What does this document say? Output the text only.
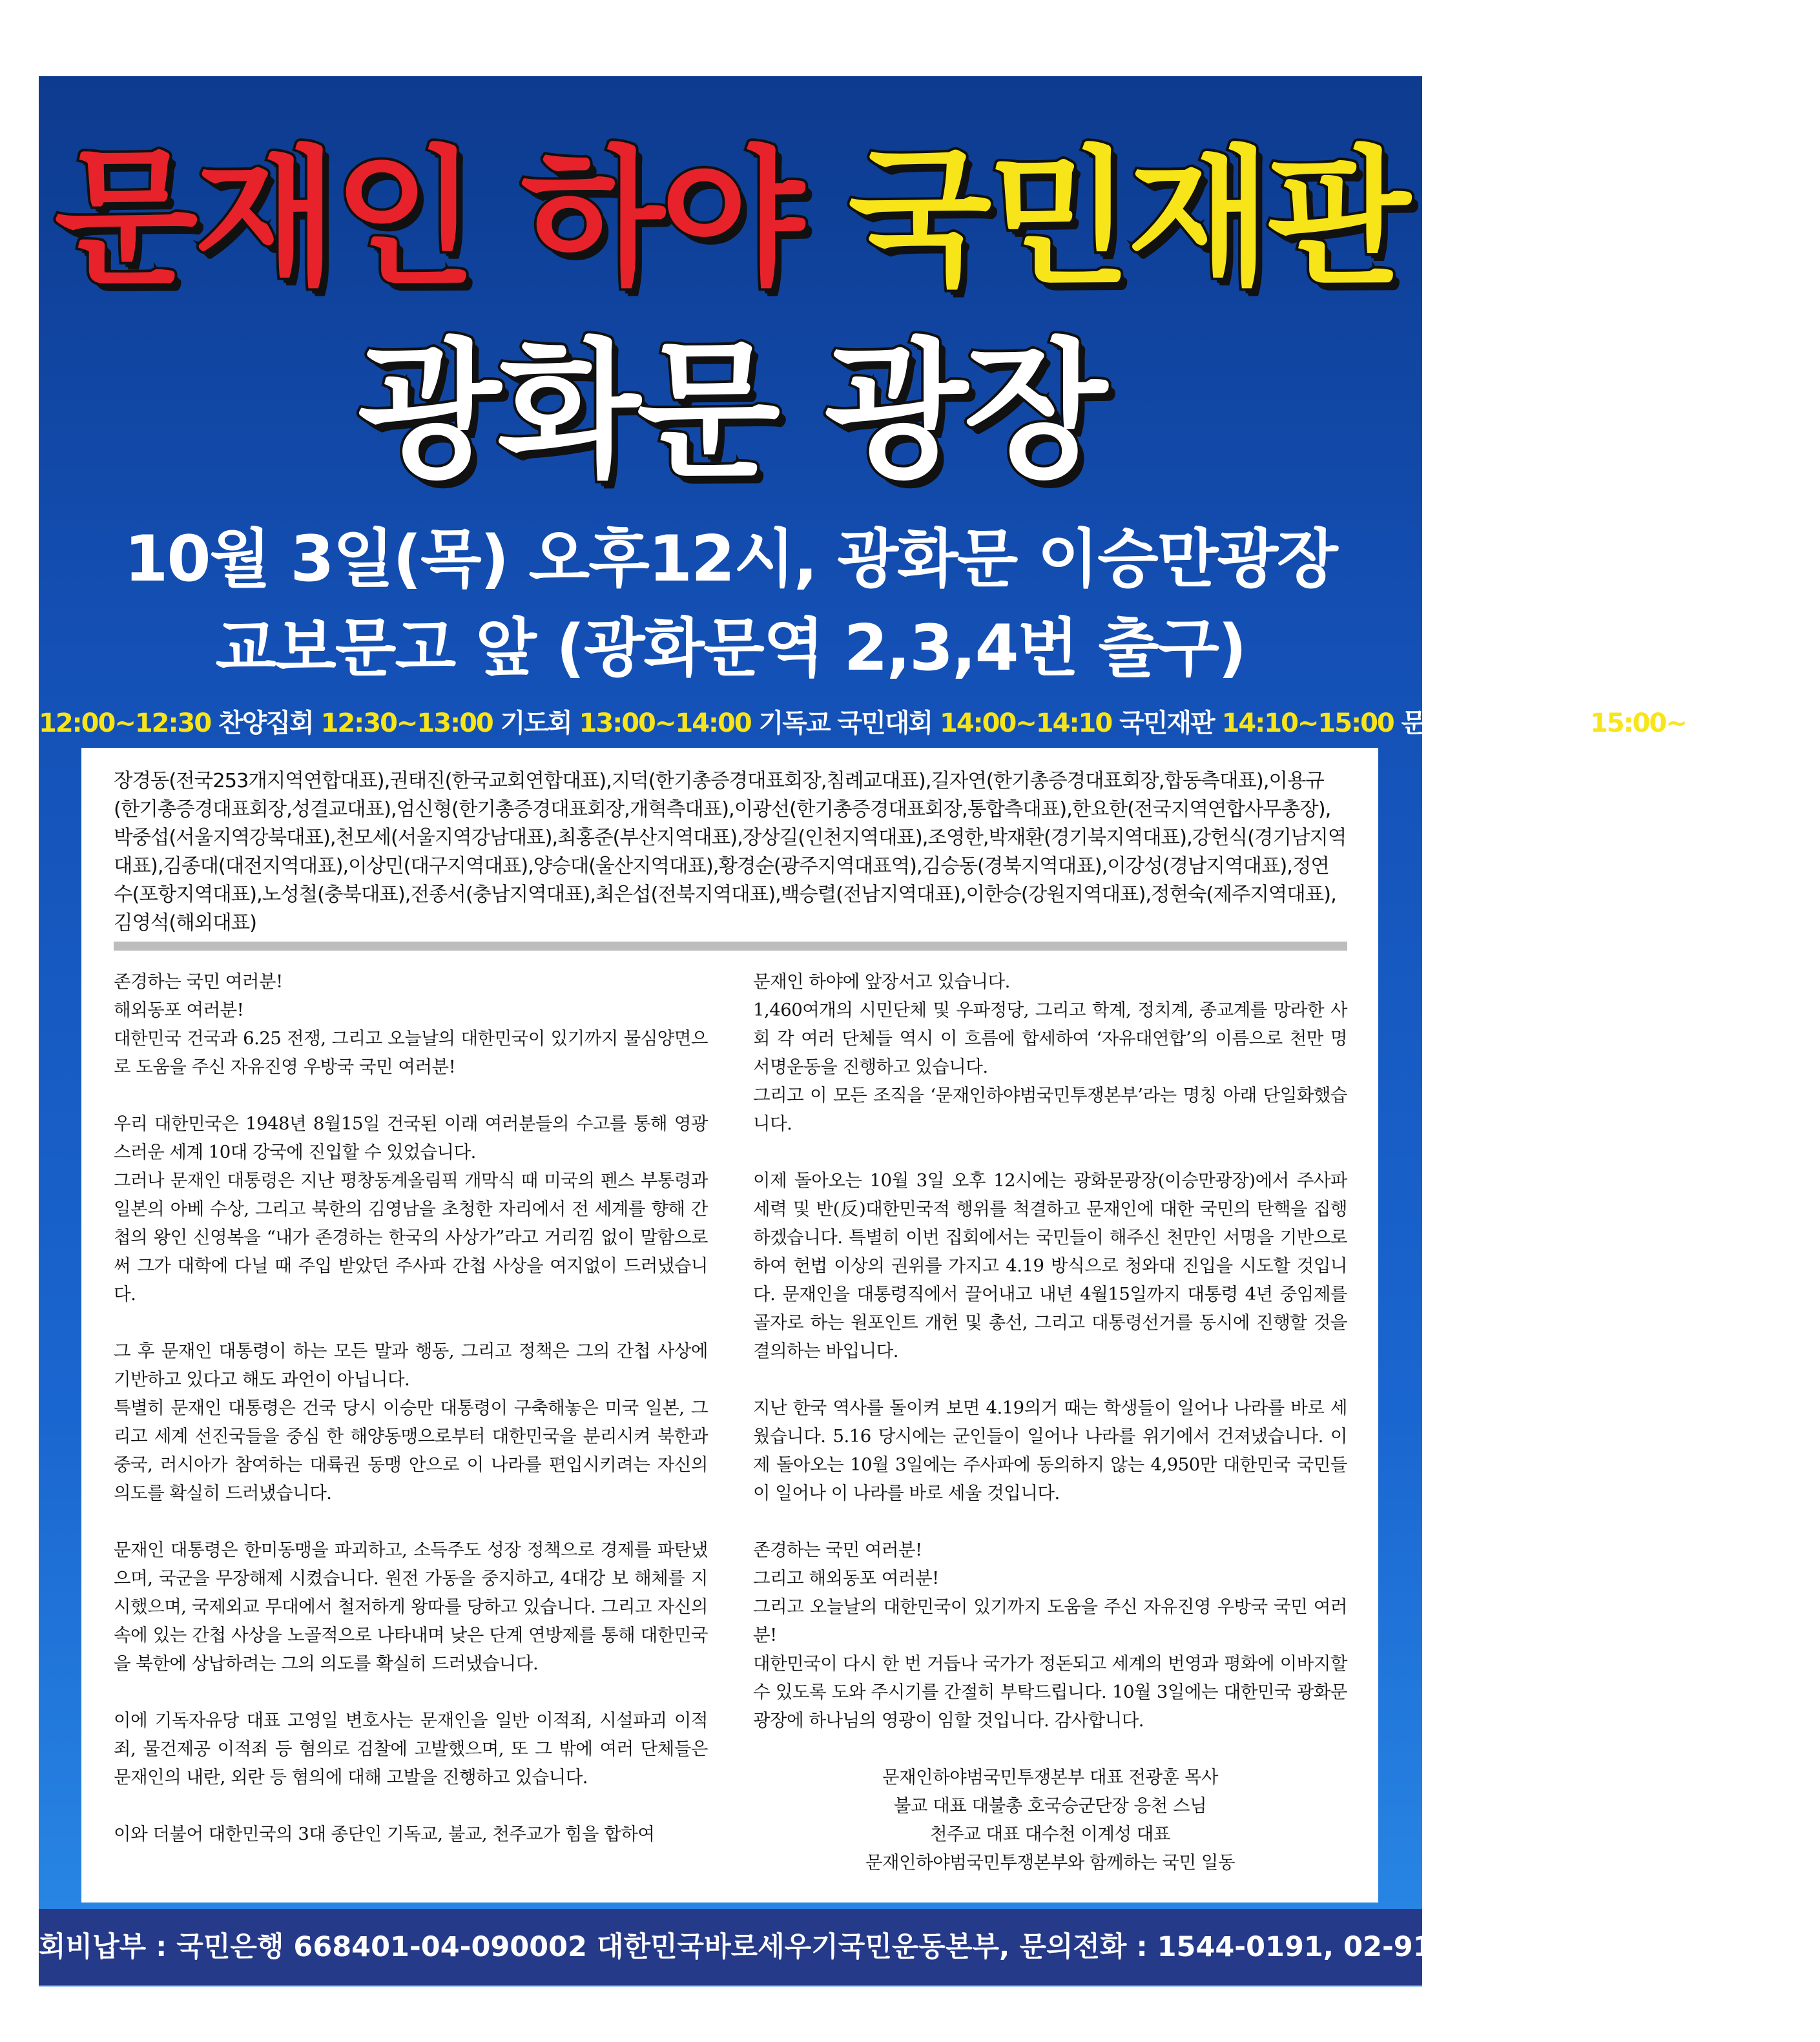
문재인 하야 국민재판
광화문 광장
10월 3일(목) 오후12시, 광화문 이승만광장
교보문고 앞 (광화문역 2,3,4번 출구)
12:00~12:30 찬양집회 12:30~13:00 기도회 13:00~14:00 기독교 국민대회 14:00~14:10 국민재판 14:10~15:00 문재인 하야 연설 15:00~ 청와대 진입
장경동(전국253개지역연합대표),권태진(한국교회연합대표),지덕(한기총증경대표회장,침례교대표),길자연(한기총증경대표회장,합동측대표),이용규(한기총증경대표회장,성결교대표),엄신형(한기총증경대표회장,개혁측대표),이광선(한기총증경대표회장,통합측대표),한요한(전국지역연합사무총장),박중섭(서울지역강북대표),천모세(서울지역강남대표),최홍준(부산지역대표),장상길(인천지역대표),조영한,박재환(경기북지역대표),강헌식(경기남지역대표),김종대(대전지역대표),이상민(대구지역대표),양승대(울산지역대표),황경순(광주지역대표역),김승동(경북지역대표),이강성(경남지역대표),정연수(포항지역대표),노성철(충북대표),전종서(충남지역대표),최은섭(전북지역대표),백승렬(전남지역대표),이한승(강원지역대표),정현숙(제주지역대표),김영석(해외대표)

존경하는 국민 여러분!

해외동포 여러분!

대한민국 건국과 6.25 전쟁, 그리고 오늘날의 대한민국이 있기까지 물심양면으로 도움을 주신 자유진영 우방국 국민 여러분!

우리 대한민국은 1948년 8월15일 건국된 이래 여러분들의 수고를 통해 영광스러운 세계 10대 강국에 진입할 수 있었습니다.

그러나 문재인 대통령은 지난 평창동계올림픽 개막식 때 미국의 펜스 부통령과 일본의 아베 수상, 그리고 북한의 김영남을 초청한 자리에서 전 세계를 향해 간첩의 왕인 신영복을 “내가 존경하는 한국의 사상가”라고 거리낌 없이 말함으로써 그가 대학에 다닐 때 주입 받았던 주사파 간첩 사상을 여지없이 드러냈습니다.

그 후 문재인 대통령이 하는 모든 말과 행동, 그리고 정책은 그의 간첩 사상에 기반하고 있다고 해도 과언이 아닙니다.

특별히 문재인 대통령은 건국 당시 이승만 대통령이 구축해놓은 미국 일본, 그리고 세계 선진국들을 중심 한 해양동맹으로부터 대한민국을 분리시켜 북한과 중국, 러시아가 참여하는 대륙권 동맹 안으로 이 나라를 편입시키려는 자신의 의도를 확실히 드러냈습니다.

문재인 대통령은 한미동맹을 파괴하고, 소득주도 성장 정책으로 경제를 파탄냈으며, 국군을 무장해제 시켰습니다. 원전 가동을 중지하고, 4대강 보 해체를 지시했으며, 국제외교 무대에서 철저하게 왕따를 당하고 있습니다. 그리고 자신의 속에 있는 간첩 사상을 노골적으로 나타내며 낮은 단계 연방제를 통해 대한민국을 북한에 상납하려는 그의 의도를 확실히 드러냈습니다.

이에 기독자유당 대표 고영일 변호사는 문재인을 일반 이적죄, 시설파괴 이적죄, 물건제공 이적죄 등 혐의로 검찰에 고발했으며, 또 그 밖에 여러 단체들은 문재인의 내란, 외란 등 혐의에 대해 고발을 진행하고 있습니다.

이와 더불어 대한민국의 3대 종단인 기독교, 불교, 천주교가 힘을 합하여

문재인 하야에 앞장서고 있습니다.

1,460여개의 시민단체 및 우파정당, 그리고 학계, 정치계, 종교계를 망라한 사회 각 여러 단체들 역시 이 흐름에 합세하여 ‘자유대연합’의 이름으로 천만 명 서명운동을 진행하고 있습니다.

그리고 이 모든 조직을 ‘문재인하야범국민투쟁본부’라는 명칭 아래 단일화했습니다.

이제 돌아오는 10월 3일 오후 12시에는 광화문광장(이승만광장)에서 주사파 세력 및 반(反)대한민국적 행위를 척결하고 문재인에 대한 국민의 탄핵을 집행하겠습니다. 특별히 이번 집회에서는 국민들이 해주신 천만인 서명을 기반으로 하여 헌법 이상의 권위를 가지고 4.19 방식으로 청와대 진입을 시도할 것입니다. 문재인을 대통령직에서 끌어내고 내년 4월15일까지 대통령 4년 중임제를 골자로 하는 원포인트 개헌 및 총선, 그리고 대통령선거를 동시에 진행할 것을 결의하는 바입니다.

지난 한국 역사를 돌이켜 보면 4.19의거 때는 학생들이 일어나 나라를 바로 세웠습니다. 5.16 당시에는 군인들이 일어나 나라를 위기에서 건져냈습니다. 이제 돌아오는 10월 3일에는 주사파에 동의하지 않는 4,950만 대한민국 국민들이 일어나 이 나라를 바로 세울 것입니다.

존경하는 국민 여러분!

그리고 해외동포 여러분!

그리고 오늘날의 대한민국이 있기까지 도움을 주신 자유진영 우방국 국민 여러분!

대한민국이 다시 한 번 거듭나 국가가 정돈되고 세계의 번영과 평화에 이바지할 수 있도록 도와 주시기를 간절히 부탁드립니다. 10월 3일에는 대한민국 광화문 광장에 하나님의 영광이 임할 것입니다. 감사합니다.

문재인하야범국민투쟁본부 대표 전광훈 목사
불교 대표 대불총 호국승군단장 응천 스님
천주교 대표 대수천 이계성 대표
문재인하야범국민투쟁본부와 함께하는 국민 일동
회비납부 : 국민은행 668401-04-090002 대한민국바로세우기국민운동본부, 문의전화 : 1544-0191, 02-912-0191
